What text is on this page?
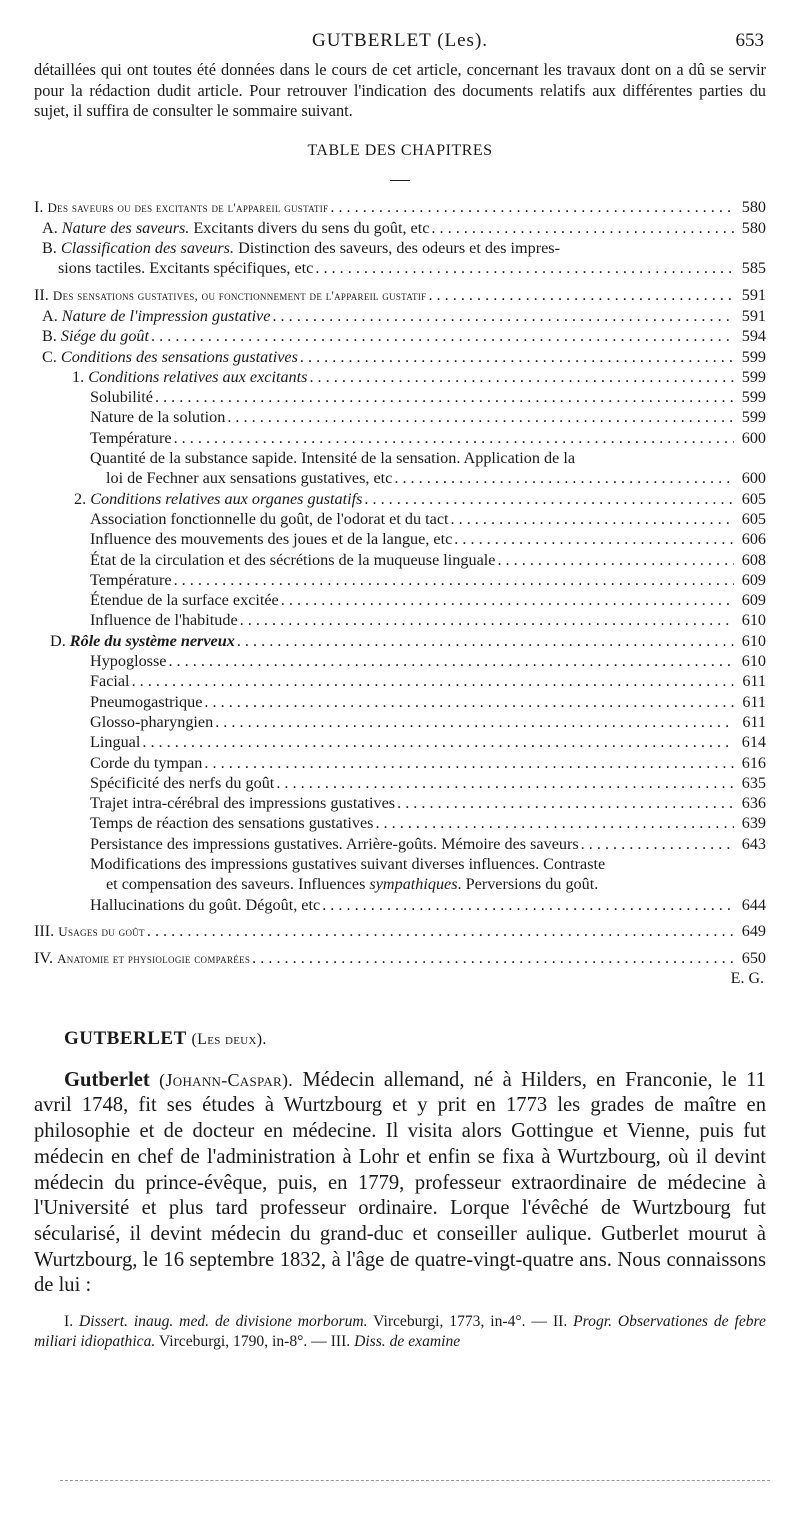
GUTBERLET (Les).	653
détaillées qui ont toutes été données dans le cours de cet article, concernant les travaux dont on a dû se servir pour la rédaction dudit article. Pour retrouver l'indication des documents relatifs aux différentes parties du sujet, il suffira de consulter le sommaire suivant.
TABLE DES CHAPITRES
I. Des saveurs ou des excitants de l'appareil gustatif . . .	580
A. Nature des saveurs. Excitants divers du sens du goût, etc . . .	580
B. Classification des saveurs. Distinction des saveurs, des odeurs et des impres-
sions tactiles. Excitants spécifiques, etc . . .	585
II. Des sensations gustatives, ou fonctionnement de l'appareil gustatif . . .	591
A. Nature de l'impression gustative . . .	591
B. Siége du goût . . .	594
C. Conditions des sensations gustatives . . .	599
1. Conditions relatives aux excitants . . .	599
Solubilité . . .	599
Nature de la solution . . .	599
Température . . .	600
Quantité de la substance sapide. Intensité de la sensation. Application de la
loi de Fechner aux sensations gustatives, etc . . .	600
2. Conditions relatives aux organes gustatifs . . .	605
Association fonctionnelle du goût, de l'odorat et du tact . . .	605
Influence des mouvements des joues et de la langue, etc . . .	606
État de la circulation et des sécrétions de la muqueuse linguale . . .	608
Température . . .	609
Étendue de la surface excitée . . .	609
Influence de l'habitude . . .	610
D. Rôle du système nerveux . . .	610
Hypoglosse . . .	610
Facial . . .	611
Pneumogastrique . . .	611
Glosso-pharyngien . . .	611
Lingual . . .	614
Corde du tympan . . .	616
Spécificité des nerfs du goût . . .	635
Trajet intra-cérébral des impressions gustatives . . .	636
Temps de réaction des sensations gustatives . . .	639
Persistance des impressions gustatives. Arrière-goûts. Mémoire des saveurs . . .	643
Modifications des impressions gustatives suivant diverses influences. Contraste
et compensation des saveurs. Influences sympathiques. Perversions du goût.
Hallucinations du goût. Dégoût, etc . . .	644
III. Usages du goût . . .	649
IV. Anatomie et physiologie comparées . . .	650
E. G.
GUTBERLET (Les deux).
Gutberlet (Johann-Caspar). Médecin allemand, né à Hilders, en Franconie, le 11 avril 1748, fit ses études à Wurtzbourg et y prit en 1773 les grades de maître en philosophie et de docteur en médecine. Il visita alors Gottingue et Vienne, puis fut médecin en chef de l'administration à Lohr et enfin se fixa à Wurtzbourg, où il devint médecin du prince-évêque, puis, en 1779, professeur extraordinaire de médecine à l'Université et plus tard professeur ordinaire. Lorque l'évêché de Wurtzbourg fut sécularisé, il devint médecin du grand-duc et conseiller aulique. Gutberlet mourut à Wurtzbourg, le 16 septembre 1832, à l'âge de quatre-vingt-quatre ans. Nous connaissons de lui :
I. Dissert. inaug. med. de divisione morborum. Virceburgi, 1773, in-4°. — II. Progr. Observationes de febre miliari idiopathica. Virceburgi, 1790, in-8°. — III. Diss. de examine
